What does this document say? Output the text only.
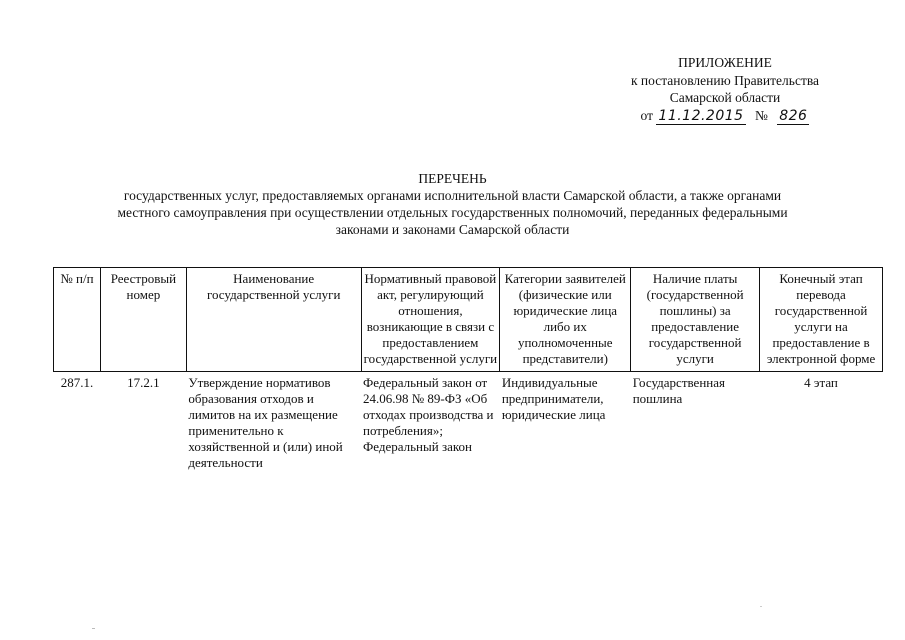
ПРИЛОЖЕНИЕ
к постановлению Правительства
Самарской области
от 11.12.2015 № 826
ПЕРЕЧЕНЬ
государственных услуг, предоставляемых органами исполнительной власти Самарской области, а также органами
местного самоуправления при осуществлении отдельных государственных полномочий, переданных федеральными
законами и законами Самарской области
№ п/п	Реестровый номер	Наименование государственной услуги	Нормативный правовой акт, регулирующий отношения, возникающие в связи с предоставлением государственной услуги	Категории заявителей (физические или юридические лица либо их уполномоченные представители)	Наличие платы (государственной пошлины) за предоставление государственной услуги	Конечный этап перевода государственной услуги на предоставление в электронной форме
287.1.	17.2.1	Утверждение нормативов образования отходов и лимитов на их размещение применительно к хозяйственной и (или) иной деятельности	Федеральный закон от 24.06.98 № 89-ФЗ «Об отходах производства и потребления»; Федеральный закон	Индивидуальные предприниматели, юридические лица	Государственная пошлина	4 этап
